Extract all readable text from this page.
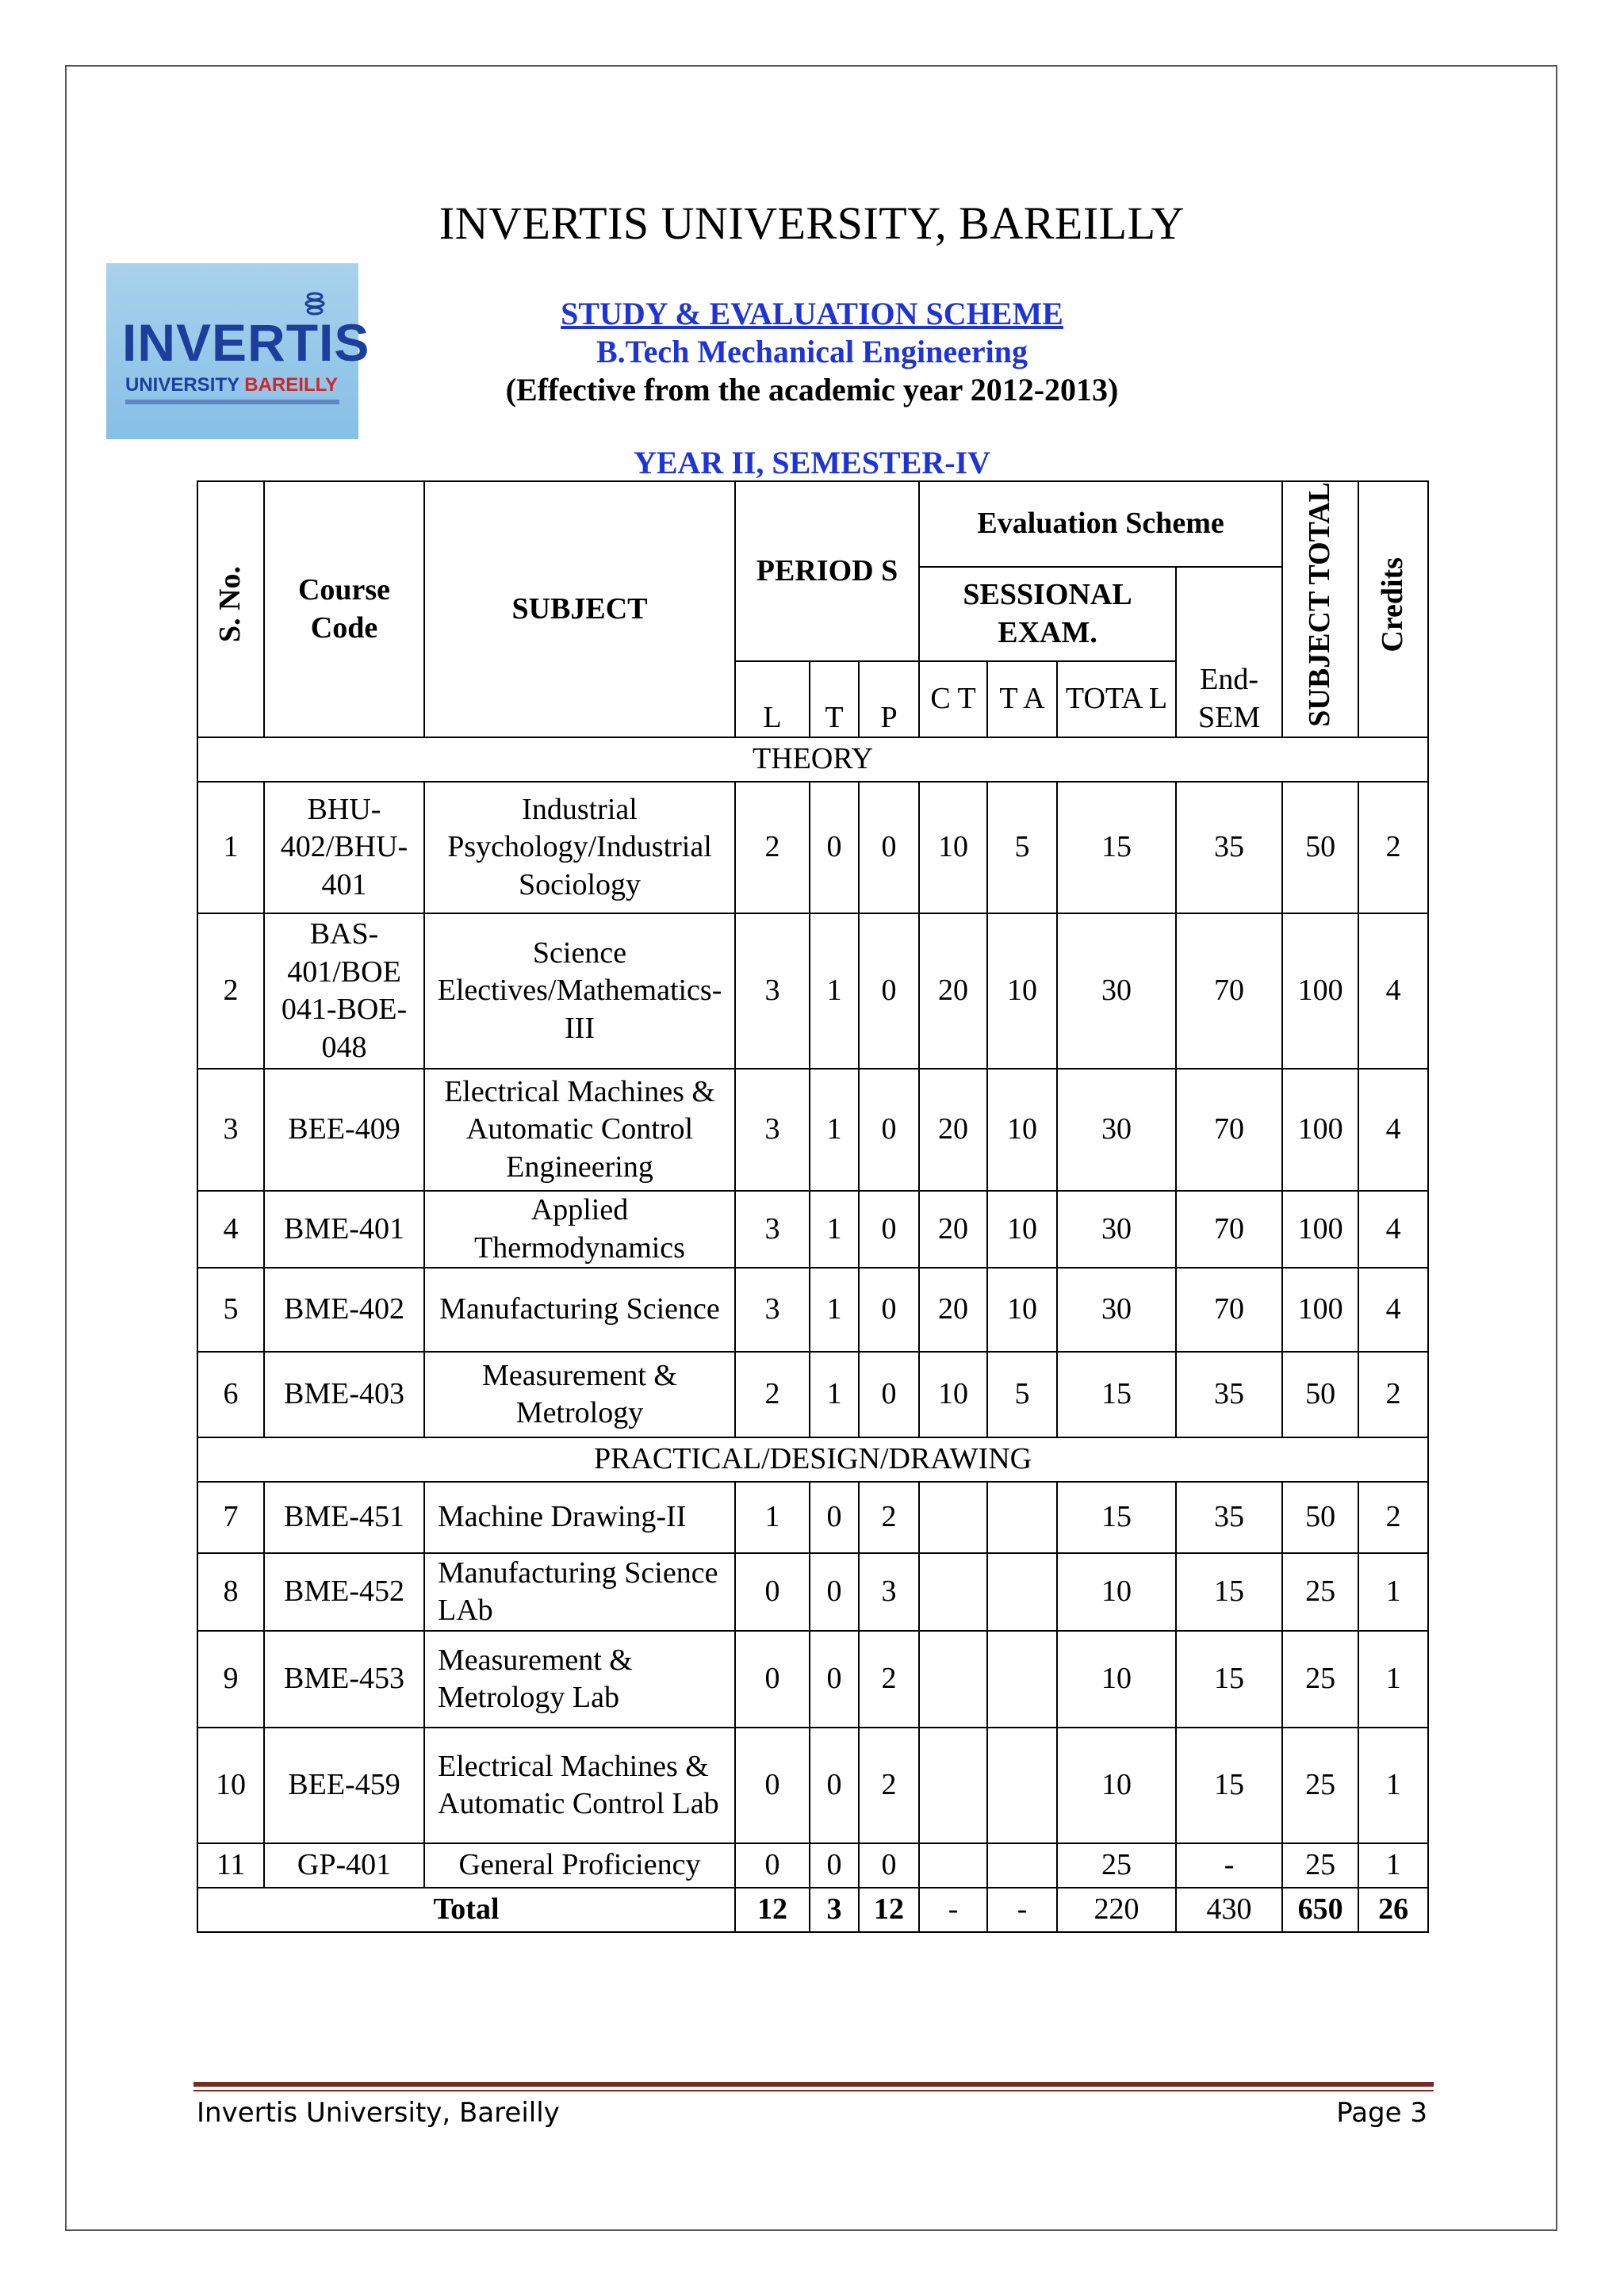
INVERTIS UNIVERSITY, BAREILLY
INVERTIS
UNIVERSITY BAREILLY
STUDY & EVALUATION SCHEME
B.Tech Mechanical Engineering
(Effective from the academic year 2012-2013)
YEAR II, SEMESTER-IV
S. No.	Course Code	SUBJECT	PERIOD S			Evaluation Scheme				SUBJECT TOTAL	Credits
						SESSIONAL EXAM.			End- SEM		
			L	T	P	C T	T A	TOTA L			
THEORY											
1	BHU-402/BHU-401	Industrial Psychology/Industrial Sociology	2	0	0	10	5	15	35	50	2
2	BAS-401/BOE 041-BOE-048	Science Electives/Mathematics-III	3	1	0	20	10	30	70	100	4
3	BEE-409	Electrical Machines & Automatic Control Engineering	3	1	0	20	10	30	70	100	4
4	BME-401	Applied Thermodynamics	3	1	0	20	10	30	70	100	4
5	BME-402	Manufacturing Science	3	1	0	20	10	30	70	100	4
6	BME-403	Measurement & Metrology	2	1	0	10	5	15	35	50	2
PRACTICAL/DESIGN/DRAWING											
7	BME-451	Machine Drawing-II	1	0	2			15	35	50	2
8	BME-452	Manufacturing Science LAb	0	0	3			10	15	25	1
9	BME-453	Measurement & Metrology Lab	0	0	2			10	15	25	1
10	BEE-459	Electrical Machines & Automatic Control Lab	0	0	2			10	15	25	1
11	GP-401	General Proficiency	0	0	0			25	-	25	1
Total			12	3	12	-	-	220	430	650	26
Invertis University, Bareilly	Page 3
